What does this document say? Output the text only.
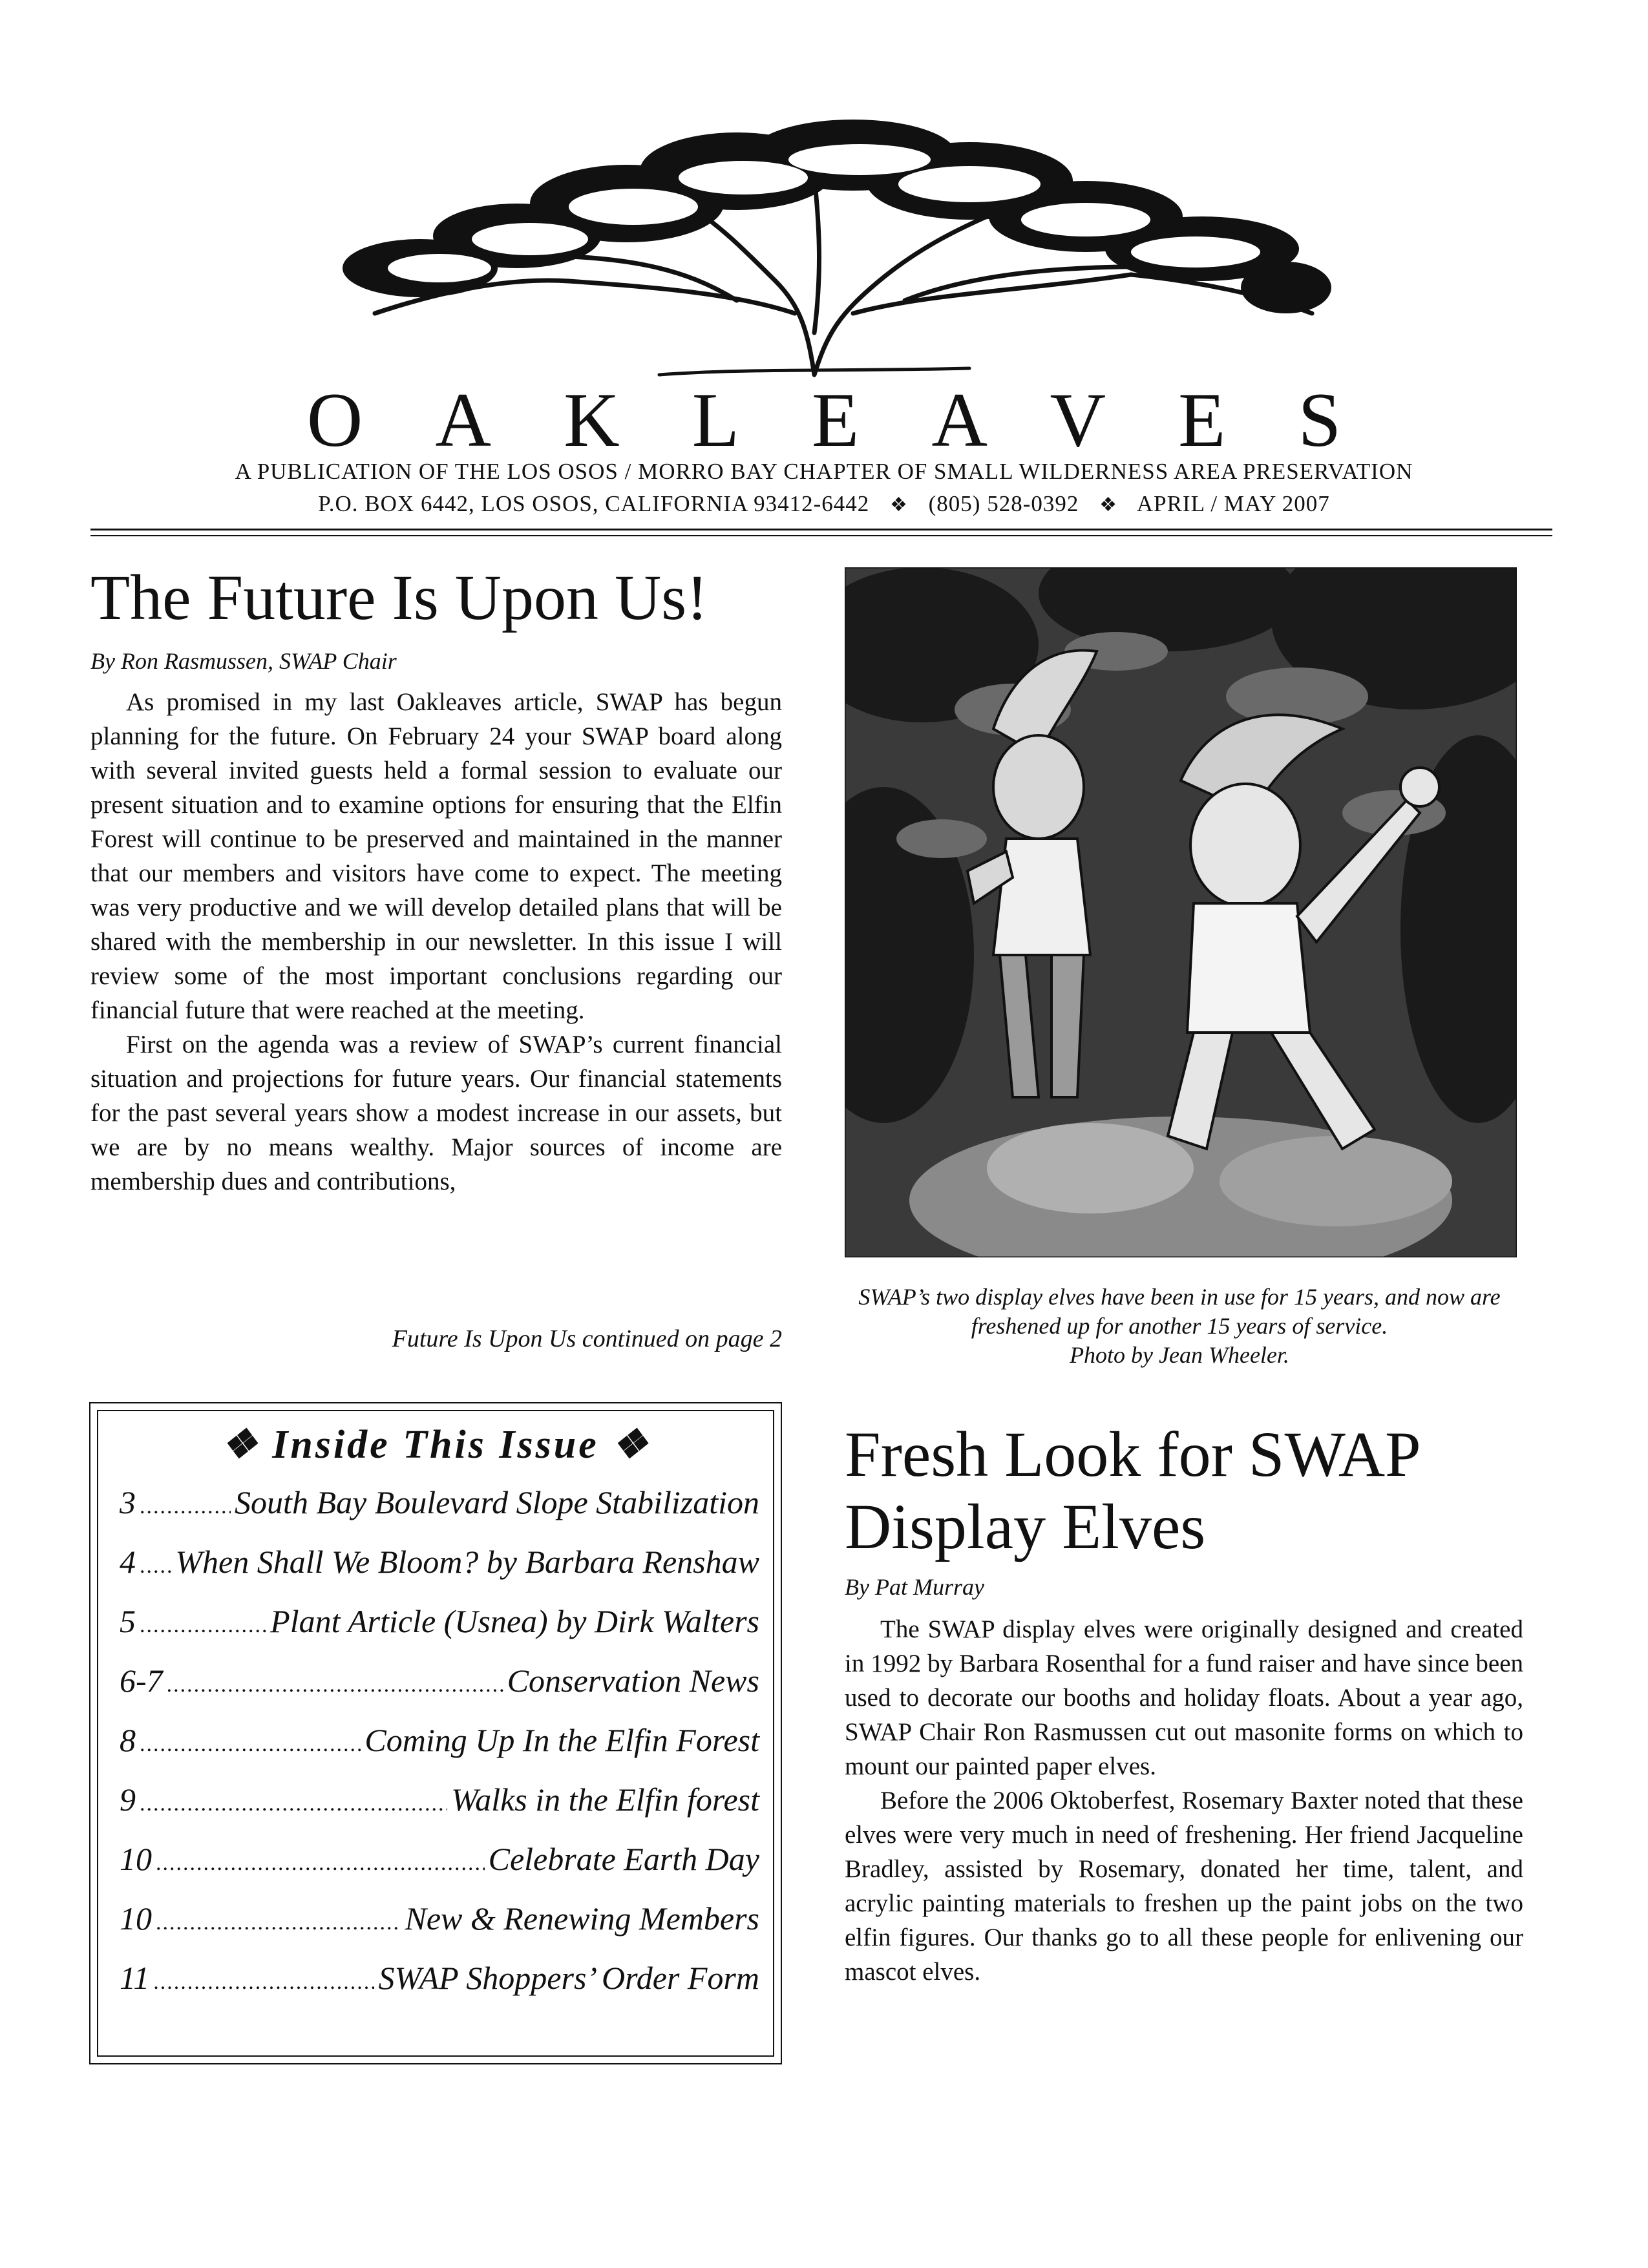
OAKLEAVES
A PUBLICATION OF THE LOS OSOS / MORRO BAY CHAPTER OF SMALL WILDERNESS AREA PRESERVATION
P.O. BOX 6442, LOS OSOS, CALIFORNIA 93412-6442 ❖ (805) 528-0392 ❖ APRIL / MAY 2007
The Future Is Upon Us!
By Ron Rasmussen, SWAP Chair

As promised in my last Oakleaves article, SWAP has begun planning for the future. On February 24 your SWAP board along with several invited guests held a formal session to evaluate our present situation and to examine options for ensuring that the Elfin Forest will continue to be preserved and maintained in the manner that our members and visitors have come to expect. The meeting was very productive and we will develop detailed plans that will be shared with the membership in our newsletter. In this issue I will review some of the most important conclusions regarding our financial future that were reached at the meeting.

First on the agenda was a review of SWAP’s current financial situation and projections for future years. Our financial statements for the past several years show a modest increase in our assets, but we are by no means wealthy. Major sources of income are membership dues and contributions,

Future Is Upon Us continued on page 2
❖ Inside This Issue ❖
3 .....	South Bay Boulevard Slope Stabilization
4 ..... When Shall We Bloom? by Barbara Renshaw
5 .....	Plant Article (Usnea) by Dirk Walters
6-7 .....	Conservation News
8 .....	Coming Up In the Elfin Forest
9 .....	Walks in the Elfin forest
10 .....	Celebrate Earth Day
10 .....	New & Renewing Members
11 .....	SWAP Shoppers’ Order Form
SWAP’s two display elves have been in use for 15 years, and now are freshened up for another 15 years of service.
Photo by Jean Wheeler.
Fresh Look for SWAP Display Elves
By Pat Murray

The SWAP display elves were originally designed and created in 1992 by Barbara Rosenthal for a fund raiser and have since been used to decorate our booths and holiday floats. About a year ago, SWAP Chair Ron Rasmussen cut out masonite forms on which to mount our painted paper elves.

Before the 2006 Oktoberfest, Rosemary Baxter noted that these elves were very much in need of freshening. Her friend Jacqueline Bradley, assisted by Rosemary, donated her time, talent, and acrylic painting materials to freshen up the paint jobs on the two elfin figures. Our thanks go to all these people for enlivening our mascot elves.
